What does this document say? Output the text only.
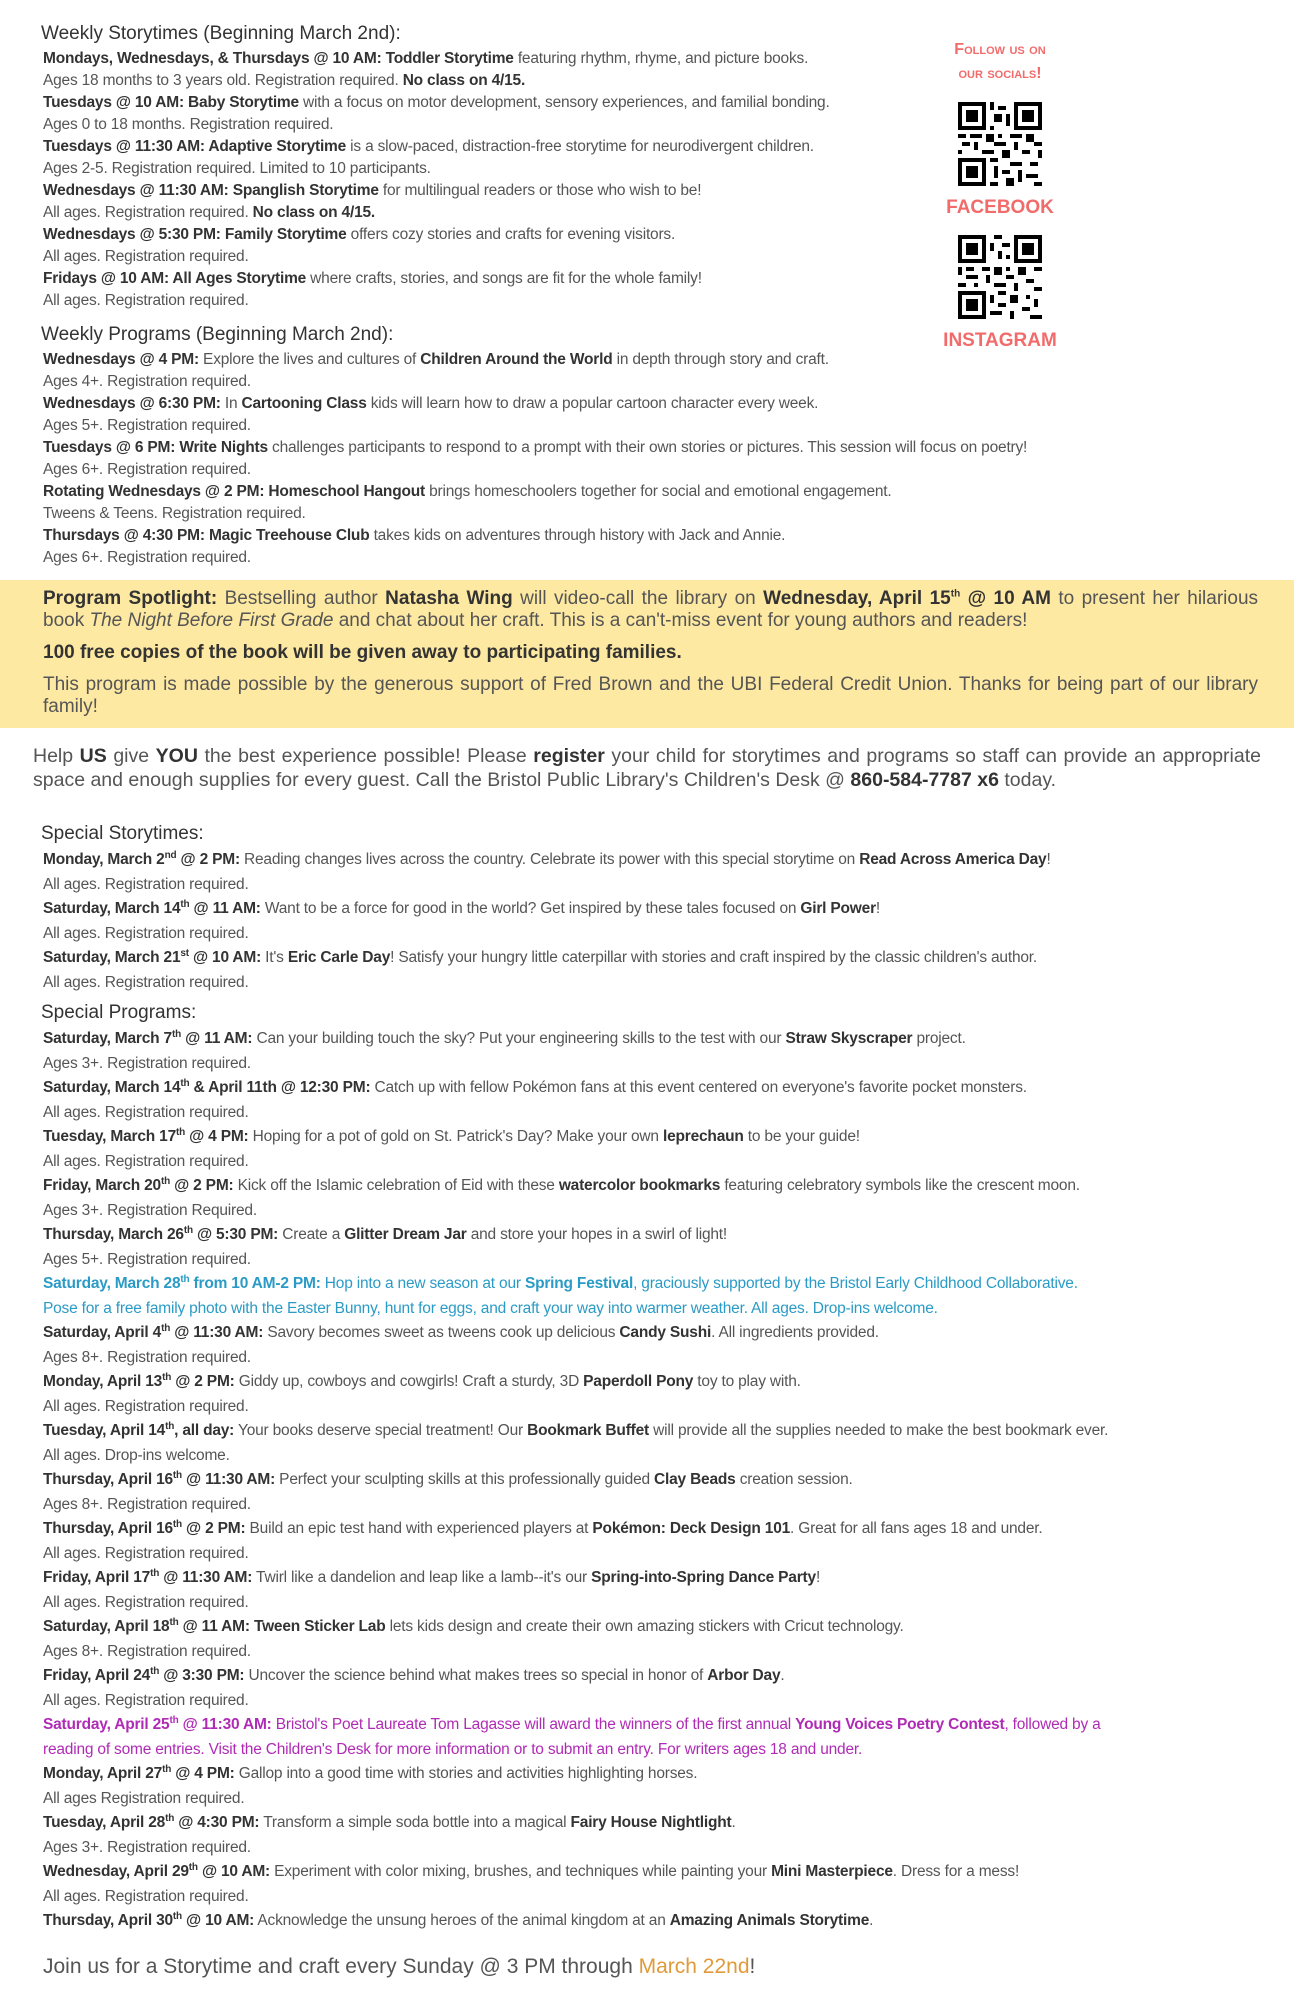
Weekly Storytimes (Beginning March 2nd):
Mondays, Wednesdays, & Thursdays @ 10 AM: Toddler Storytime featuring rhythm, rhyme, and picture books.
Ages 18 months to 3 years old. Registration required. No class on 4/15.
Tuesdays @ 10 AM: Baby Storytime with a focus on motor development, sensory experiences, and familial bonding.
Ages 0 to 18 months. Registration required.
Tuesdays @ 11:30 AM: Adaptive Storytime is a slow-paced, distraction-free storytime for neurodivergent children.
Ages 2-5. Registration required. Limited to 10 participants.
Wednesdays @ 11:30 AM: Spanglish Storytime for multilingual readers or those who wish to be!
All ages. Registration required. No class on 4/15.
Wednesdays @ 5:30 PM: Family Storytime offers cozy stories and crafts for evening visitors.
All ages. Registration required.
Fridays @ 10 AM: All Ages Storytime where crafts, stories, and songs are fit for the whole family!
All ages. Registration required.
Weekly Programs (Beginning March 2nd):
Wednesdays @ 4 PM: Explore the lives and cultures of Children Around the World in depth through story and craft.
Ages 4+. Registration required.
Wednesdays @ 6:30 PM: In Cartooning Class kids will learn how to draw a popular cartoon character every week.
Ages 5+. Registration required.
Tuesdays @ 6 PM: Write Nights challenges participants to respond to a prompt with their own stories or pictures. This session will focus on poetry!
Ages 6+. Registration required.
Rotating Wednesdays @ 2 PM: Homeschool Hangout brings homeschoolers together for social and emotional engagement.
Tweens & Teens. Registration required.
Thursdays @ 4:30 PM: Magic Treehouse Club takes kids on adventures through history with Jack and Annie.
Ages 6+. Registration required.
Follow us on
our socials!
FACEBOOK
INSTAGRAM

Program Spotlight: Bestselling author Natasha Wing will video-call the library on Wednesday, April 15th @ 10 AM to present her hilarious book The Night Before First Grade and chat about her craft. This is a can't-miss event for young authors and readers!

100 free copies of the book will be given away to participating families.

This program is made possible by the generous support of Fred Brown and the UBI Federal Credit Union. Thanks for being part of our library family!

Help US give YOU the best experience possible! Please register your child for storytimes and programs so staff can provide an appropriate space and enough supplies for every guest. Call the Bristol Public Library's Children's Desk @ 860-584-7787 x6 today.
Special Storytimes:
Monday, March 2nd @ 2 PM: Reading changes lives across the country. Celebrate its power with this special storytime on Read Across America Day!
All ages. Registration required.
Saturday, March 14th @ 11 AM: Want to be a force for good in the world? Get inspired by these tales focused on Girl Power!
All ages. Registration required.
Saturday, March 21st @ 10 AM: It's Eric Carle Day! Satisfy your hungry little caterpillar with stories and craft inspired by the classic children's author.
All ages. Registration required.
Special Programs:
Saturday, March 7th @ 11 AM: Can your building touch the sky? Put your engineering skills to the test with our Straw Skyscraper project.
Ages 3+. Registration required.
Saturday, March 14th & April 11th @ 12:30 PM: Catch up with fellow Pokémon fans at this event centered on everyone's favorite pocket monsters.
All ages. Registration required.
Tuesday, March 17th @ 4 PM: Hoping for a pot of gold on St. Patrick's Day? Make your own leprechaun to be your guide!
All ages. Registration required.
Friday, March 20th @ 2 PM: Kick off the Islamic celebration of Eid with these watercolor bookmarks featuring celebratory symbols like the crescent moon.
Ages 3+. Registration Required.
Thursday, March 26th @ 5:30 PM: Create a Glitter Dream Jar and store your hopes in a swirl of light!
Ages 5+. Registration required.
Saturday, March 28th from 10 AM-2 PM: Hop into a new season at our Spring Festival, graciously supported by the Bristol Early Childhood Collaborative.
Pose for a free family photo with the Easter Bunny, hunt for eggs, and craft your way into warmer weather. All ages. Drop-ins welcome.
Saturday, April 4th @ 11:30 AM: Savory becomes sweet as tweens cook up delicious Candy Sushi. All ingredients provided.
Ages 8+. Registration required.
Monday, April 13th @ 2 PM: Giddy up, cowboys and cowgirls! Craft a sturdy, 3D Paperdoll Pony toy to play with.
All ages. Registration required.
Tuesday, April 14th, all day: Your books deserve special treatment! Our Bookmark Buffet will provide all the supplies needed to make the best bookmark ever.
All ages. Drop-ins welcome.
Thursday, April 16th @ 11:30 AM: Perfect your sculpting skills at this professionally guided Clay Beads creation session.
Ages 8+. Registration required.
Thursday, April 16th @ 2 PM: Build an epic test hand with experienced players at Pokémon: Deck Design 101. Great for all fans ages 18 and under.
All ages. Registration required.
Friday, April 17th @ 11:30 AM: Twirl like a dandelion and leap like a lamb--it's our Spring-into-Spring Dance Party!
All ages. Registration required.
Saturday, April 18th @ 11 AM: Tween Sticker Lab lets kids design and create their own amazing stickers with Cricut technology.
Ages 8+. Registration required.
Friday, April 24th @ 3:30 PM: Uncover the science behind what makes trees so special in honor of Arbor Day.
All ages. Registration required.
Saturday, April 25th @ 11:30 AM: Bristol's Poet Laureate Tom Lagasse will award the winners of the first annual Young Voices Poetry Contest, followed by a
reading of some entries. Visit the Children's Desk for more information or to submit an entry. For writers ages 18 and under.
Monday, April 27th @ 4 PM: Gallop into a good time with stories and activities highlighting horses.
All ages Registration required.
Tuesday, April 28th @ 4:30 PM: Transform a simple soda bottle into a magical Fairy House Nightlight.
Ages 3+. Registration required.
Wednesday, April 29th @ 10 AM: Experiment with color mixing, brushes, and techniques while painting your Mini Masterpiece. Dress for a mess!
All ages. Registration required.
Thursday, April 30th @ 10 AM: Acknowledge the unsung heroes of the animal kingdom at an Amazing Animals Storytime.
Join us for a Storytime and craft every Sunday @ 3 PM through March 22nd!
